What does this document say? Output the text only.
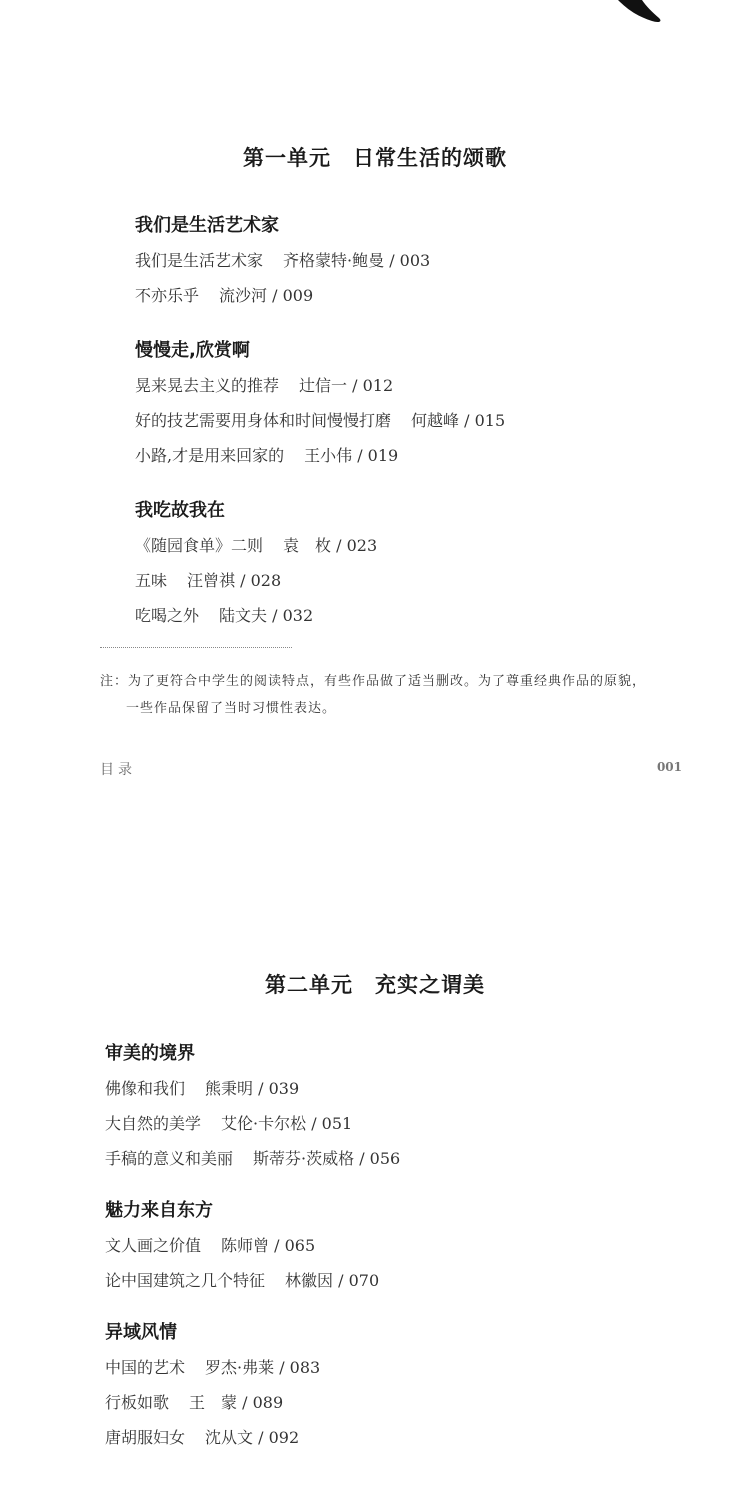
第一单元　日常生活的颂歌
我们是生活艺术家
我们是生活艺术家 齐格蒙特·鲍曼 / 003
不亦乐乎 流沙河 / 009
慢慢走,欣赏啊
晃来晃去主义的推荐 辻信一 / 012
好的技艺需要用身体和时间慢慢打磨 何越峰 / 015
小路,才是用来回家的 王小伟 / 019
我吃故我在
《随园食单》二则 袁　枚 / 023
五味 汪曾祺 / 028
吃喝之外 陆文夫 / 032
注：为了更符合中学生的阅读特点，有些作品做了适当删改。为了尊重经典作品的原貌，
一些作品保留了当时习惯性表达。
目录	001
第二单元　充实之谓美
审美的境界
佛像和我们 熊秉明 / 039
大自然的美学 艾伦·卡尔松 / 051
手稿的意义和美丽 斯蒂芬·茨威格 / 056
魅力来自东方
文人画之价值 陈师曾 / 065
论中国建筑之几个特征 林徽因 / 070
异域风情
中国的艺术 罗杰·弗莱 / 083
行板如歌 王　蒙 / 089
唐胡服妇女 沈从文 / 092
